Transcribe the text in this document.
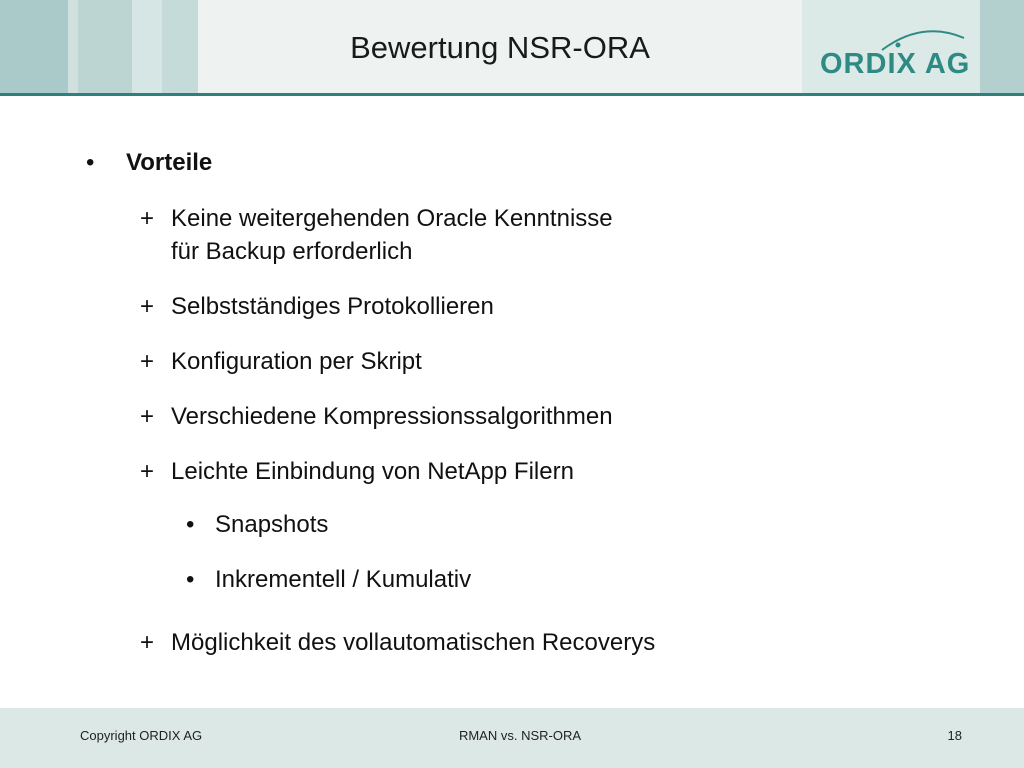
Bewertung NSR-ORA	ORDIX AG
•	Vorteile
+ Keine weitergehenden Oracle Kenntnisse
für Backup erforderlich
+ Selbstständiges Protokollieren
+ Konfiguration per Skript
+ Verschiedene Kompressionssalgorithmen
+ Leichte Einbindung von NetApp Filern
• Snapshots
• Inkrementell / Kumulativ
+ Möglichkeit des vollautomatischen Recoverys
Copyright ORDIX AG	RMAN vs. NSR-ORA	18
